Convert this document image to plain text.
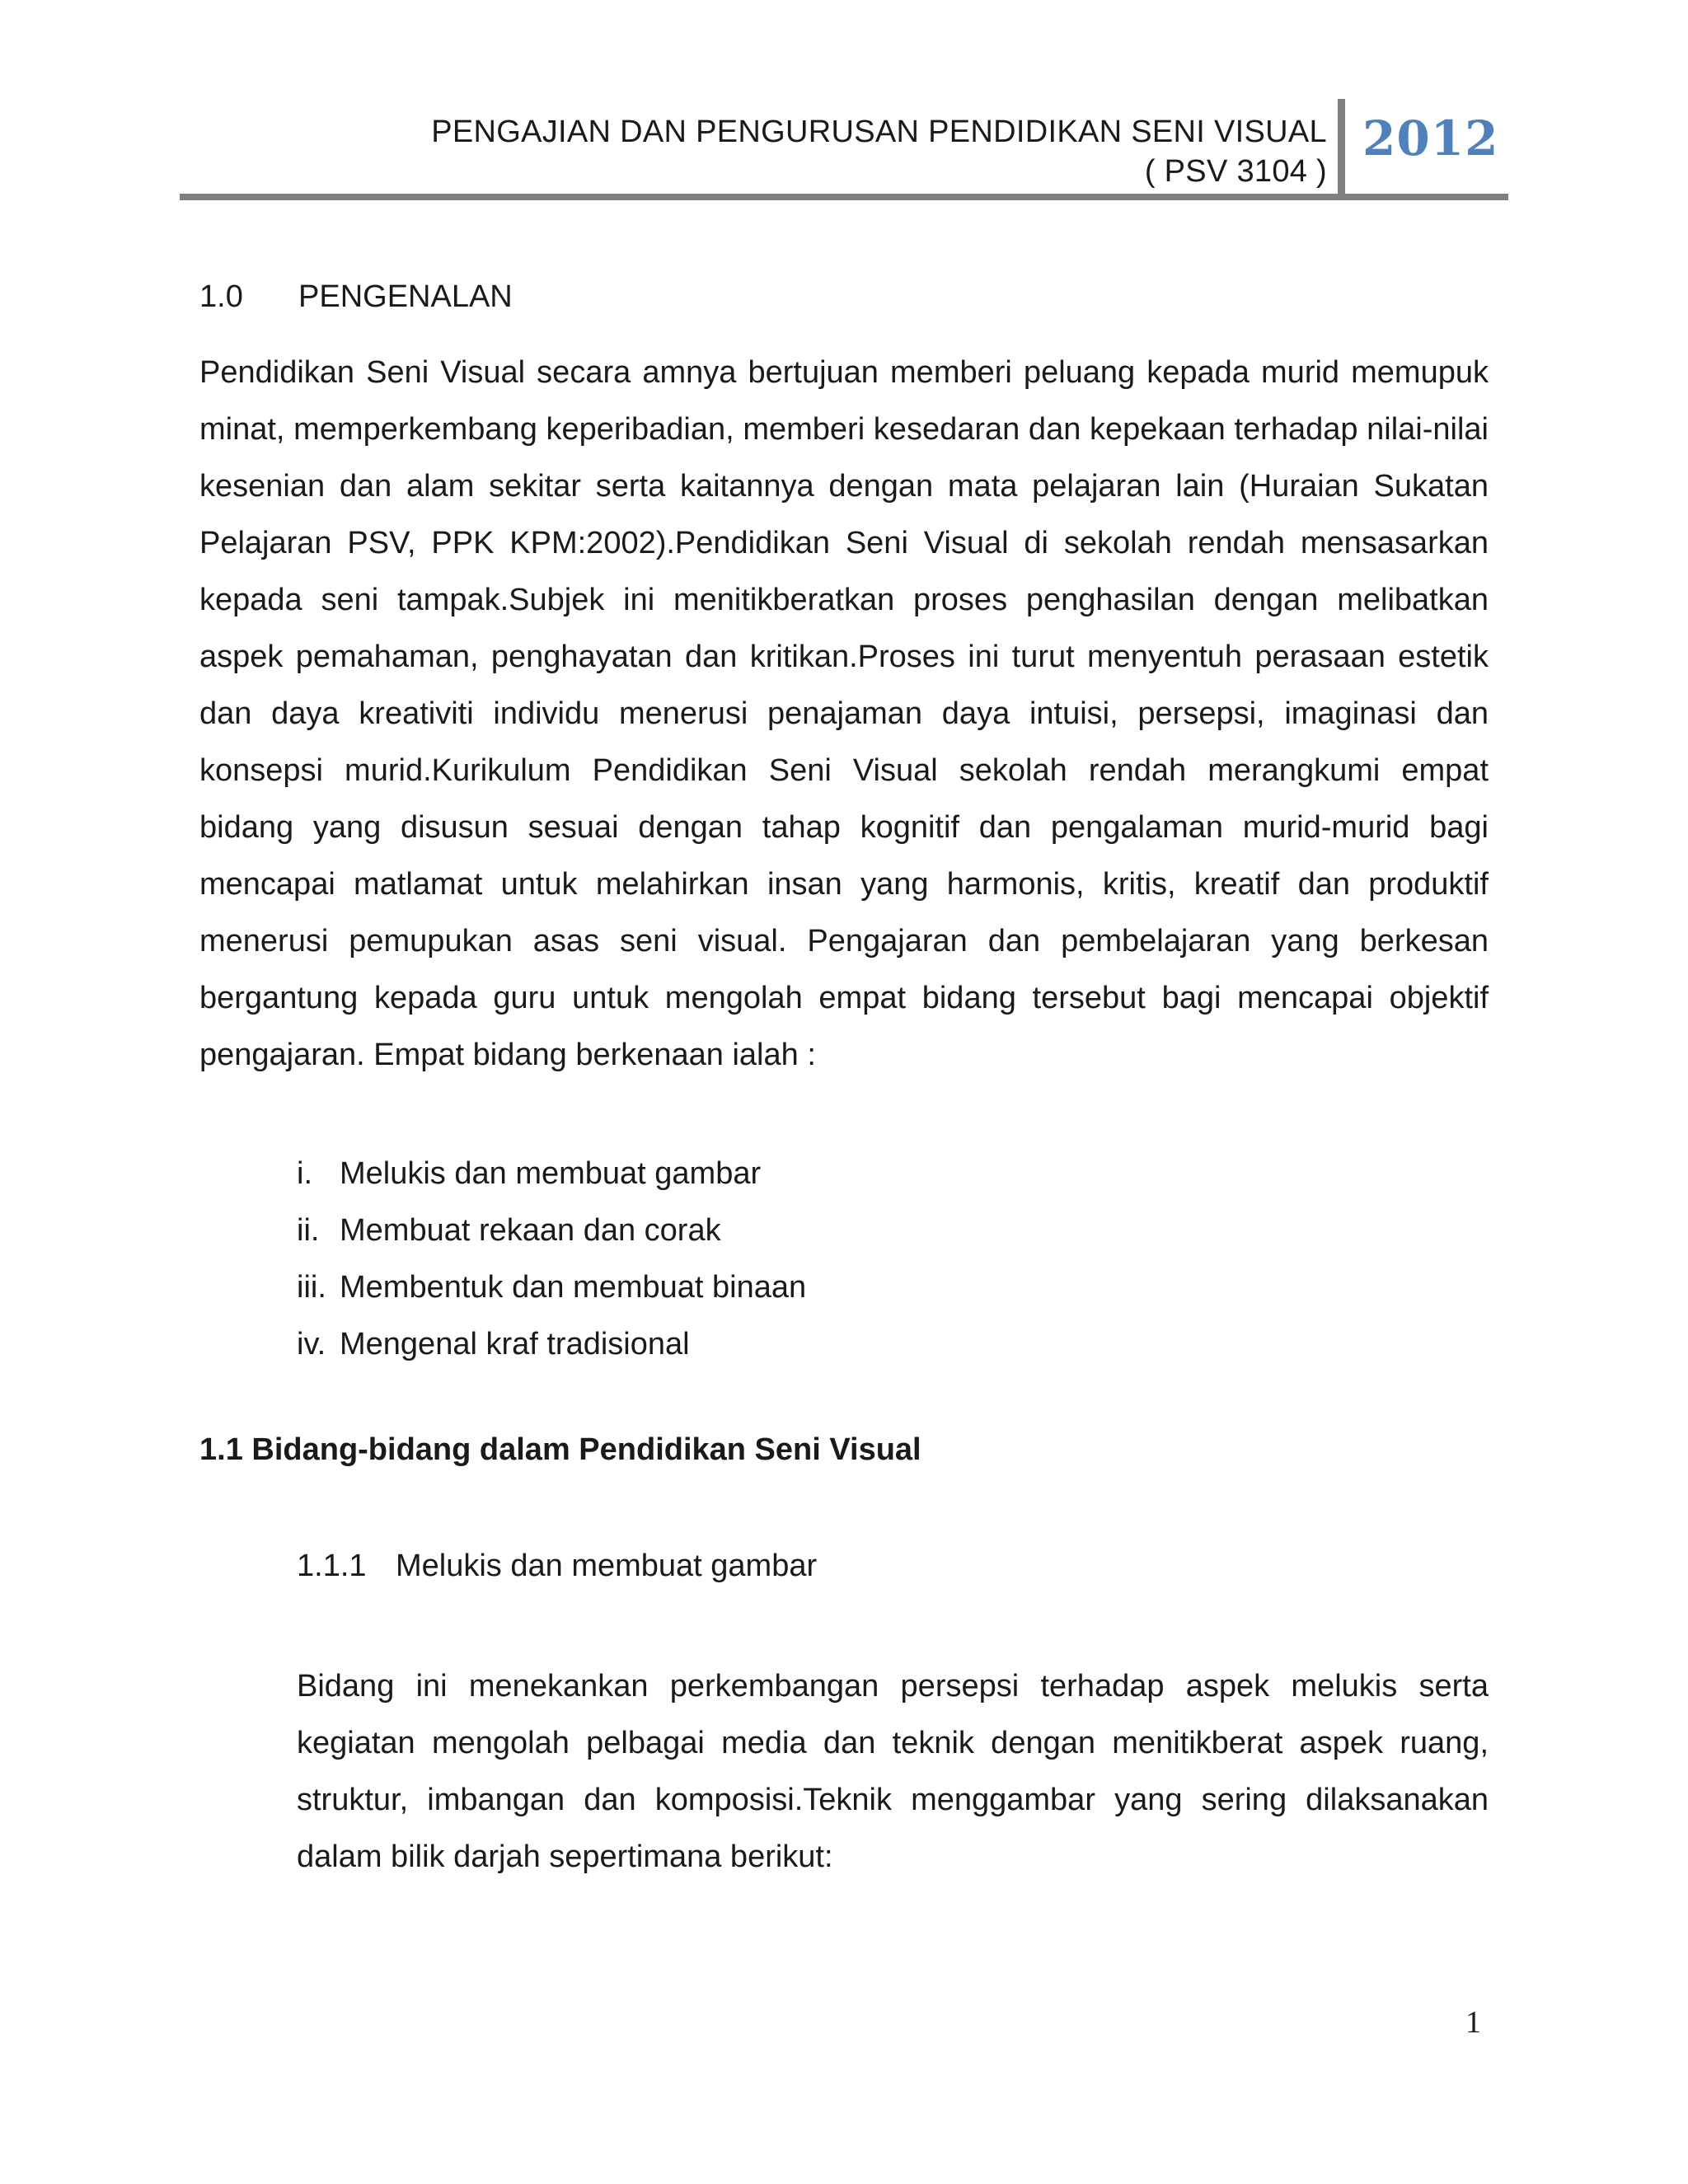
PENGAJIAN DAN PENGURUSAN PENDIDIKAN SENI VISUAL
( PSV 3104 )
2012
1.0 PENGENALAN

Pendidikan Seni Visual secara amnya bertujuan memberi peluang kepada murid memupuk minat, memperkembang keperibadian, memberi kesedaran dan kepekaan terhadap nilai-nilai kesenian dan alam sekitar serta kaitannya dengan mata pelajaran lain (Huraian Sukatan Pelajaran PSV, PPK KPM:2002).Pendidikan Seni Visual di sekolah rendah mensasarkan kepada seni tampak.Subjek ini menitikberatkan proses penghasilan dengan melibatkan aspek pemahaman, penghayatan dan kritikan.Proses ini turut menyentuh perasaan estetik dan daya kreativiti individu menerusi penajaman daya intuisi, persepsi, imaginasi dan konsepsi murid.Kurikulum Pendidikan Seni Visual sekolah rendah merangkumi empat bidang yang disusun sesuai dengan tahap kognitif dan pengalaman murid-murid bagi mencapai matlamat untuk melahirkan insan yang harmonis, kritis, kreatif dan produktif menerusi pemupukan asas seni visual. Pengajaran dan pembelajaran yang berkesan bergantung kepada guru untuk mengolah empat bidang tersebut bagi mencapai objektif pengajaran. Empat bidang berkenaan ialah :

i. Melukis dan membuat gambar
ii. Membuat rekaan dan corak
iii. Membentuk dan membuat binaan
iv. Mengenal kraf tradisional
1.1 Bidang-bidang dalam Pendidikan Seni Visual
1.1.1 Melukis dan membuat gambar

Bidang ini menekankan perkembangan persepsi terhadap aspek melukis serta kegiatan mengolah pelbagai media dan teknik dengan menitikberat aspek ruang, struktur, imbangan dan komposisi.Teknik menggambar yang sering dilaksanakan dalam bilik darjah sepertimana berikut:

1
